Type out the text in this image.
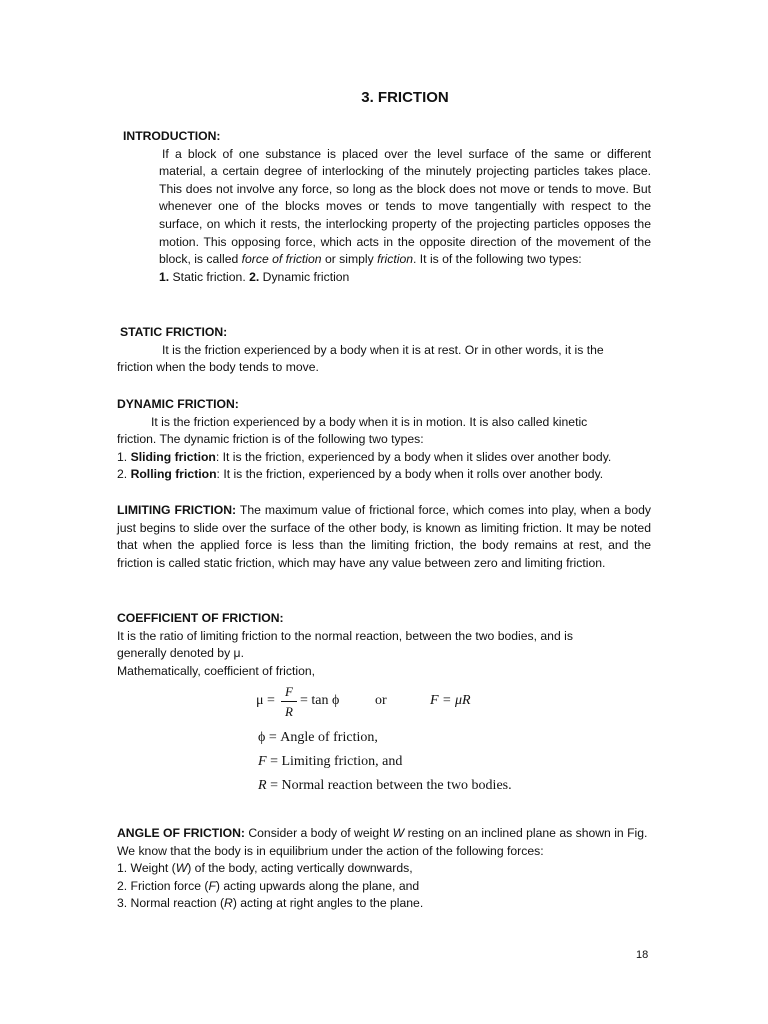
3. FRICTION
INTRODUCTION:
If a block of one substance is placed over the level surface of the same or different material, a certain degree of interlocking of the minutely projecting particles takes place. This does not involve any force, so long as the block does not move or tends to move. But whenever one of the blocks moves or tends to move tangentially with respect to the surface, on which it rests, the interlocking property of the projecting particles opposes the motion. This opposing force, which acts in the opposite direction of the movement of the block, is called force of friction or simply friction. It is of the following two types:
1. Static friction. 2. Dynamic friction
STATIC FRICTION:
It is the friction experienced by a body when it is at rest. Or in other words, it is the
friction when the body tends to move.
DYNAMIC FRICTION:
It is the friction experienced by a body when it is in motion. It is also called kinetic
friction. The dynamic friction is of the following two types:
1. Sliding friction: It is the friction, experienced by a body when it slides over another body.
2. Rolling friction: It is the friction, experienced by a body when it rolls over another body.
LIMITING FRICTION: The maximum value of frictional force, which comes into play, when a body just begins to slide over the surface of the other body, is known as limiting friction. It may be noted that when the applied force is less than the limiting friction, the body remains at rest, and the friction is called static friction, which may have any value between zero and limiting friction.
COEFFICIENT OF FRICTION:
It is the ratio of limiting friction to the normal reaction, between the two bodies, and is
generally denoted by μ.
Mathematically, coefficient of friction,
μ =
F
R
= tan ϕ	or	F = μR
ϕ = Angle of friction,
F = Limiting friction, and
R = Normal reaction between the two bodies.
ANGLE OF FRICTION: Consider a body of weight W resting on an inclined plane as shown in Fig. We know that the body is in equilibrium under the action of the following forces:
1. Weight (W) of the body, acting vertically downwards,
2. Friction force (F) acting upwards along the plane, and
3. Normal reaction (R) acting at right angles to the plane.
18
